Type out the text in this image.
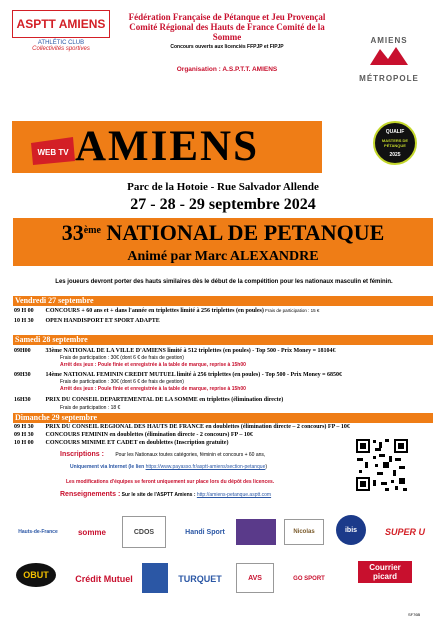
ASPTT AMIENS
ATHLÉTIC CLUB
Collectivités sportives
Fédération Française de Pétanque et Jeu Provençal
Comité Régional des Hauts de France Comité de la Somme
Concours ouverts aux licenciés FFPJP et FIPJP
Organisation : A.S.P.T.T. AMIENS
AMIENS
MÉTROPOLE
AMIENS
WEB TV
QUALIF
MASTERS DE PÉTANQUE
2025
Parc de la Hotoie - Rue Salvador Allende
27 - 28 - 29 septembre 2024
33ème NATIONAL DE PETANQUE
Animé par Marc ALEXANDRE
Les joueurs devront porter des hauts similaires dès le début de la compétition pour les nationaux masculin et féminin.
Vendredi 27 septembre
09 H 00 CONCOURS + 60 ans et + dans l'année en triplettes limité à 256 triplettes (en poules) Frais de participation : 15 €
10 H 30 OPEN HANDISPORT ET SPORT ADAPTE
Samedi 28 septembre
09H00 33ème NATIONAL DE LA VILLE D'AMIENS limité à 512 triplettes (en poules) - Top 500 - Prix Money = 18104€
Frais de participation : 30€ (dont 6 € de frais de gestion)
Arrêt des jeux : Poule finie et enregistrée à la table de marque, reprise à 15h00
09H30 14ème NATIONAL FEMININ CREDIT MUTUEL limité à 256 triplettes (en poules) - Top 500 - Prix Money = 6850€
Frais de participation : 30€ (dont 6 € de frais de gestion)
Arrêt des jeux : Poule finie et enregistrée à la table de marque, reprise à 15h00
16H30 PRIX DU CONSEIL DEPARTEMENTAL DE LA SOMME en triplettes (élimination directe)
Frais de participation : 18 €
Dimanche 29 septembre
09 H 30 PRIX DU CONSEIL REGIONAL DES HAUTS DE FRANCE en doublettes (élimination directe – 2 concours) FP – 10€
09 H 30 CONCOURS FEMININ en doublettes (élimination directe - 2 concours) FP – 10€
10 H 00 CONCOURS MINIME ET CADET en doublettes (Inscription gratuite)
Inscriptions : Pour les Nationaux toutes catégories, féminin et concours + 60 ans,
Uniquement via Internet (le lien https://www.payasso.fr/asptt-amiens/section-petanque)
Les modifications d'équipes se feront uniquement sur place lors du dépôt des licences.
Renseignements : Sur le site de l'ASPTT Amiens : http://amiens-petanque.asptt.com
Hauts-de-France	somme	CDOS	Handi Sport	Nicolas	ibis	SUPER U
OBUT	Crédit Mutuel	TURQUET	AVS	GO SPORT
Courrier picard
SF76B
